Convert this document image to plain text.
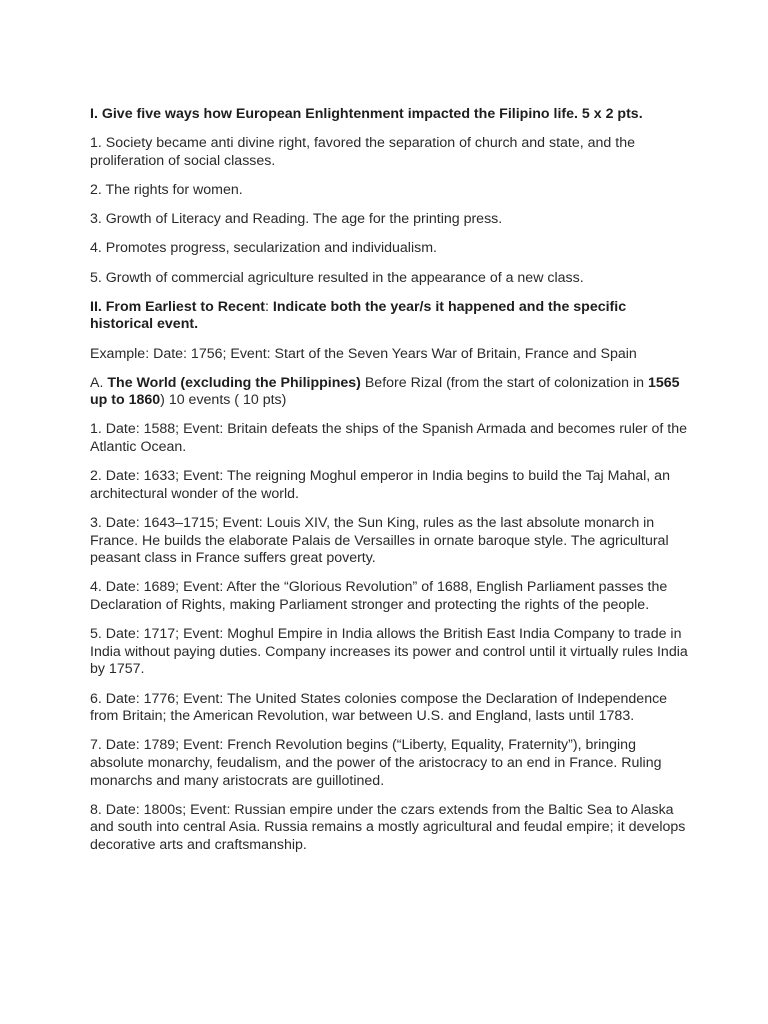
I. Give five ways how European Enlightenment impacted the Filipino life. 5 x 2 pts.

1. Society became anti divine right, favored the separation of church and state, and the proliferation of social classes.

2. The rights for women.

3. Growth of Literacy and Reading. The age for the printing press.

4. Promotes progress, secularization and individualism.

5. Growth of commercial agriculture resulted in the appearance of a new class.

II. From Earliest to Recent: Indicate both the year/s it happened and the specific historical event.

Example: Date: 1756; Event: Start of the Seven Years War of Britain, France and Spain

A. The World (excluding the Philippines) Before Rizal (from the start of colonization in 1565 up to 1860) 10 events ( 10 pts)

1. Date: 1588; Event: Britain defeats the ships of the Spanish Armada and becomes ruler of the Atlantic Ocean.

2. Date: 1633; Event: The reigning Moghul emperor in India begins to build the Taj Mahal, an architectural wonder of the world.

3. Date: 1643–1715; Event: Louis XIV, the Sun King, rules as the last absolute monarch in France. He builds the elaborate Palais de Versailles in ornate baroque style. The agricultural peasant class in France suffers great poverty.

4. Date: 1689; Event: After the “Glorious Revolution” of 1688, English Parliament passes the Declaration of Rights, making Parliament stronger and protecting the rights of the people.

5. Date: 1717; Event: Moghul Empire in India allows the British East India Company to trade in India without paying duties. Company increases its power and control until it virtually rules India by 1757.

6. Date: 1776; Event: The United States colonies compose the Declaration of Independence from Britain; the American Revolution, war between U.S. and England, lasts until 1783.

7. Date: 1789; Event: French Revolution begins (“Liberty, Equality, Fraternity”), bringing absolute monarchy, feudalism, and the power of the aristocracy to an end in France. Ruling monarchs and many aristocrats are guillotined.

8. Date: 1800s; Event: Russian empire under the czars extends from the Baltic Sea to Alaska and south into central Asia. Russia remains a mostly agricultural and feudal empire; it develops decorative arts and craftsmanship.
